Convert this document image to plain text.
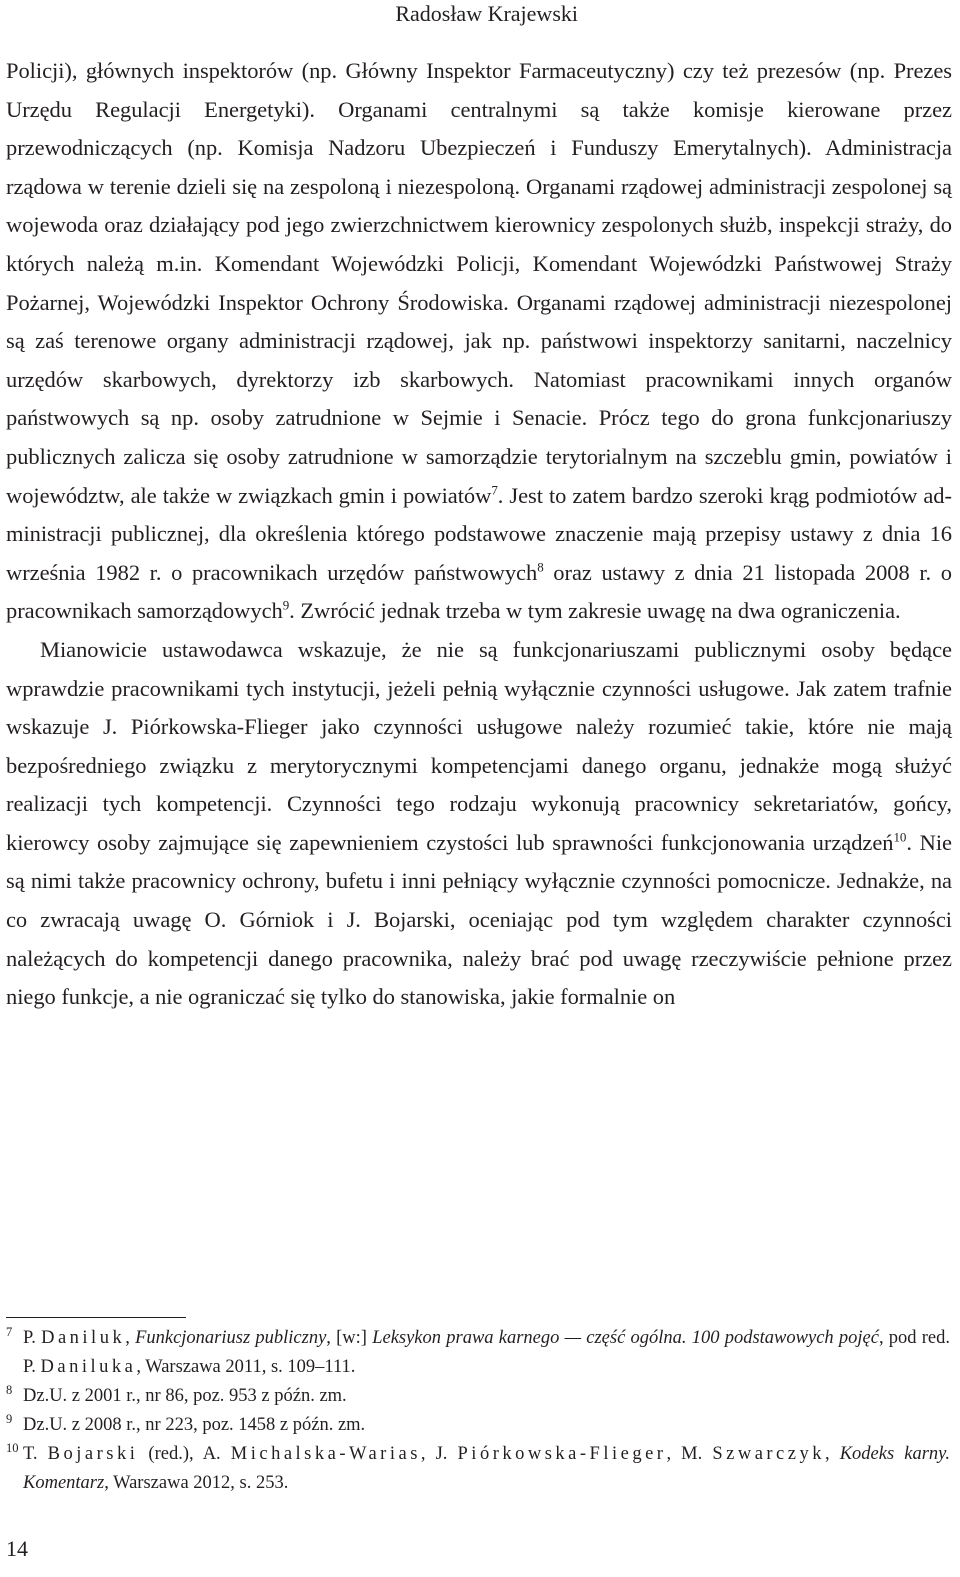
Radosław Krajewski

Policji), głównych inspektorów (np. Główny Inspektor Farmaceutyczny) czy też prezesów (np. Prezes Urzędu Regulacji Energetyki). Organami centralnymi są także komisje kierowane przez przewodniczących (np. Komisja Nadzoru Ubezpieczeń i Funduszy Emerytalnych). Administracja rządowa w terenie dzieli się na zespoloną i niezespoloną. Organami rządowej administracji zespolonej są wojewoda oraz działający pod jego zwierzchnictwem kierownicy zespolonych służb, inspekcji straży, do których należą m.in. Komendant Wojewódzki Policji, Komendant Wojewódzki Państwowej Straży Pożarnej, Wojewódzki Inspektor Ochrony Środowiska. Organami rządowej administracji niezespolonej są zaś terenowe organy administracji rządowej, jak np. państwowi inspektorzy sanitarni, naczelnicy urzędów skarbowych, dyrektorzy izb skarbowych. Natomiast pracownikami innych organów państwowych są np. osoby zatrudnione w Sejmie i Senacie. Prócz tego do grona funkcjonariuszy publicznych zalicza się osoby zatrudnione w samorządzie terytorialnym na szczeblu gmin, powiatów i województw, ale także w związkach gmin i powiatów$^7$. Jest to zatem bardzo szeroki krąg podmiotów administracji publicznej, dla określenia którego podstawowe znaczenie mają przepisy ustawy z dnia 16 września 1982 r. o pracownikach urzędów państwowych$^8$ oraz ustawy z dnia 21 listopada 2008 r. o pracownikach samorządowych$^9$. Zwrócić jednak trzeba w tym zakresie uwagę na dwa ograniczenia.

Mianowicie ustawodawca wskazuje, że nie są funkcjonariuszami publicznymi osoby będące wprawdzie pracownikami tych instytucji, jeżeli pełnią wyłącznie czynności usługowe. Jak zatem trafnie wskazuje J. Piórkowska-Flieger jako czynności usługowe należy rozumieć takie, które nie mają bezpośredniego związku z merytorycznymi kompetencjami danego organu, jednakże mogą służyć realizacji tych kompetencji. Czynności tego rodzaju wykonują pracownicy sekretariatów, gońcy, kierowcy osoby zajmujące się zapewnieniem czystości lub sprawności funkcjonowania urządzeń$^{10}$. Nie są nimi także pracownicy ochrony, bufetu i inni pełniący wyłącznie czynności pomocnicze. Jednakże, na co zwracają uwagę O. Górniok i J. Bojarski, oceniając pod tym względem charakter czynności należących do kompetencji danego pracownika, należy brać pod uwagę rzeczywiście pełnione przez niego funkcje, a nie ograniczać się tylko do stanowiska, jakie formalnie on

7 P. Daniluk, Funkcjonariusz publiczny, [w:] Leksykon prawa karnego — część ogólna. 100 podstawowych pojęć, pod red. P. Daniluka, Warszawa 2011, s. 109–111.
8 Dz.U. z 2001 r., nr 86, poz. 953 z późn. zm.
9 Dz.U. z 2008 r., nr 223, poz. 1458 z późn. zm.
10 T. Bojarski (red.), A. Michalska-Warias, J. Piórkowska-Flieger, M. Szwarczyk, Kodeks karny. Komentarz, Warszawa 2012, s. 253.
14
